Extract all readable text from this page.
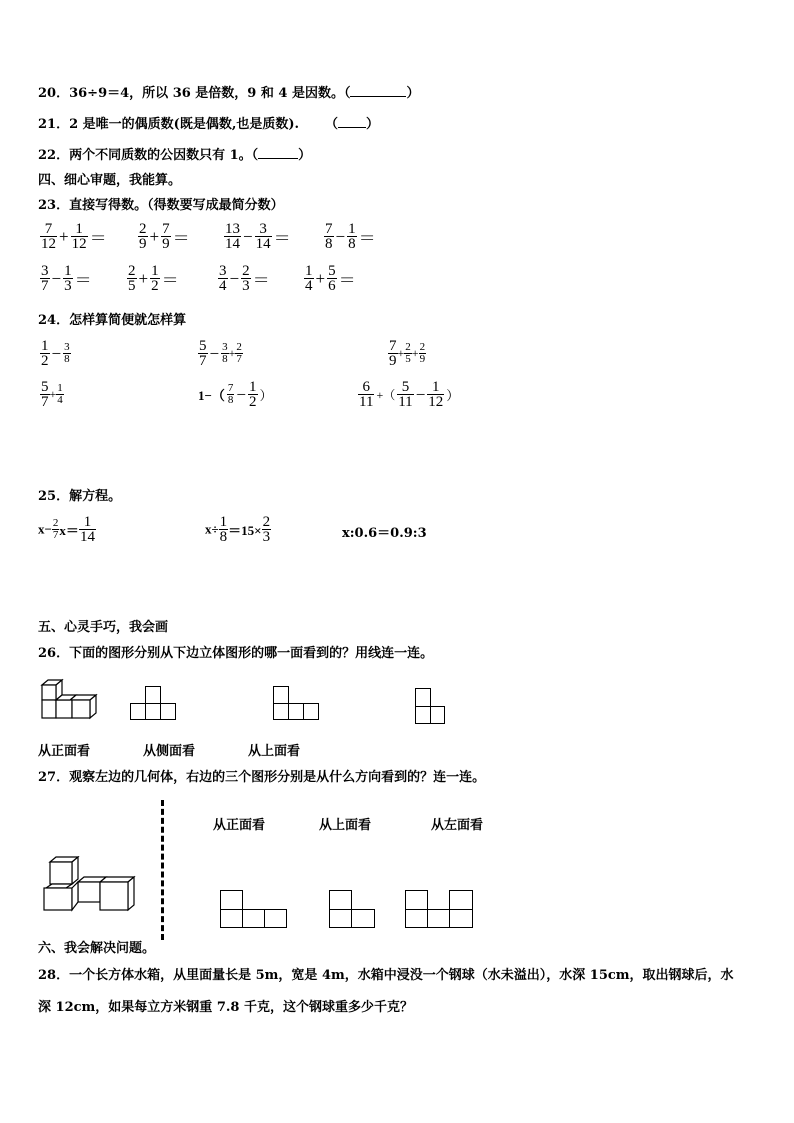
20．36÷9＝4，所以 36 是倍数，9 和 4 是因数。（	）
21．2 是唯一的偶质数(既是偶数,也是质数). （ ）
22．两个不同质数的公因数只有 1。（	）
四、细心审题，我能算。
23．直接写得数。（得数要写成最简分数）
$\frac{7}{12} + \frac{1}{12}$ ＝	$\frac{2}{9} + \frac{7}{9}$ ＝	$\frac{13}{14} - \frac{3}{14}$ ＝	$\frac{7}{8} - \frac{1}{8}$ ＝
$\frac{3}{7} - \frac{1}{3}$ ＝	$\frac{2}{5} + \frac{1}{2}$ ＝	$\frac{3}{4} - \frac{2}{3}$ ＝	$\frac{1}{4} + \frac{5}{6}$ ＝
24．怎样算简便就怎样算
$\frac{1}{2} - \frac{3}{8}$	$\frac{5}{7} - \frac{3}{8} + \frac{2}{7}$	$\frac{7}{9} + \frac{2}{5} + \frac{2}{9}$
$\frac{5}{7} + \frac{1}{4}$	$1-( \frac{7}{8} - \frac{1}{2}$ ）	$\frac{6}{11}$ +（ $\frac{5}{11} - \frac{1}{12}$ ）
25．解方程。
$x- \frac{2}{7} x= \frac{1}{14}$	$x\div \frac{1}{8} =15\times \frac{2}{3}$	x:0.6＝0.9:3
五、心灵手巧，我会画
26．下面的图形分别从下边立体图形的哪一面看到的？用线连一连。
从正面看	从侧面看	从上面看
27．观察左边的几何体，右边的三个图形分别是从什么方向看到的？连一连。
从正面看	从上面看	从左面看
六、我会解决问题。
28．一个长方体水箱，从里面量长是 5m，宽是 4m，水箱中浸没一个钢球（水未溢出），水深 15cm，取出钢球后，水
深 12cm，如果每立方米钢重 7.8 千克，这个钢球重多少千克？
